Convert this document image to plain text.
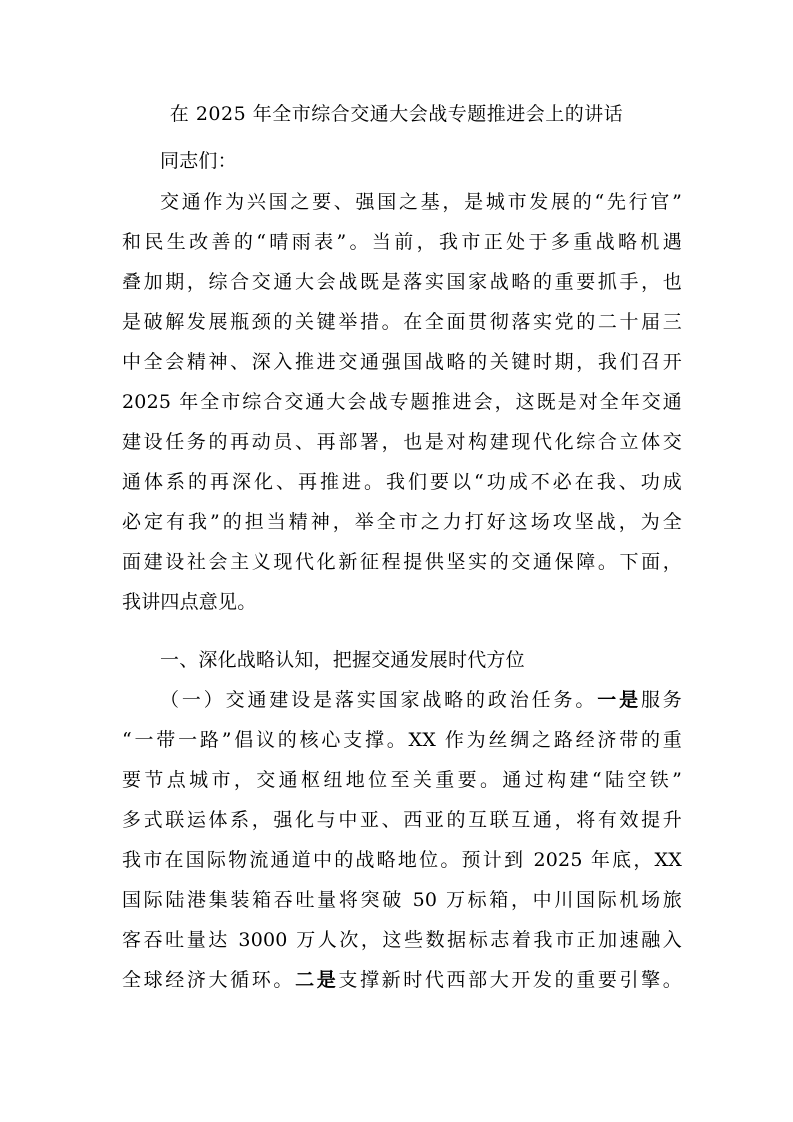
在 2025 年全市综合交通大会战专题推进会上的讲话
同志们：
交通作为兴国之要、强国之基，是城市发展的“先行官”
和民生改善的“晴雨表”。当前，我市正处于多重战略机遇
叠加期，综合交通大会战既是落实国家战略的重要抓手，也
是破解发展瓶颈的关键举措。在全面贯彻落实党的二十届三
中全会精神、深入推进交通强国战略的关键时期，我们召开
2025 年全市综合交通大会战专题推进会，这既是对全年交通
建设任务的再动员、再部署，也是对构建现代化综合立体交
通体系的再深化、再推进。我们要以“功成不必在我、功成
必定有我”的担当精神，举全市之力打好这场攻坚战，为全
面建设社会主义现代化新征程提供坚实的交通保障。下面，
我讲四点意见。
一、深化战略认知，把握交通发展时代方位
（一）交通建设是落实国家战略的政治任务。一是服务
“一带一路”倡议的核心支撑。XX 作为丝绸之路经济带的重
要节点城市，交通枢纽地位至关重要。通过构建“陆空铁”
多式联运体系，强化与中亚、西亚的互联互通，将有效提升
我市在国际物流通道中的战略地位。预计到 2025 年底，XX
国际陆港集装箱吞吐量将突破 50 万标箱，中川国际机场旅
客吞吐量达 3000 万人次，这些数据标志着我市正加速融入
全球经济大循环。二是支撑新时代西部大开发的重要引擎。
